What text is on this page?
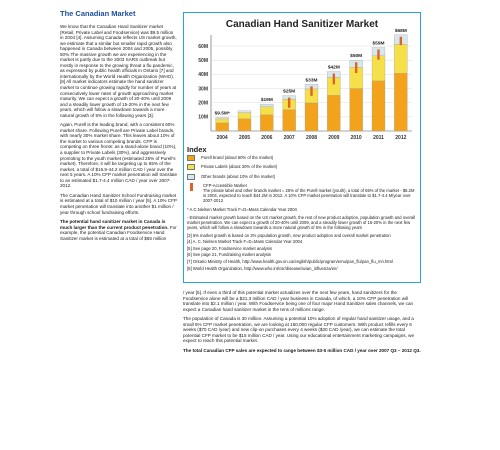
The Canadian Market

We know that the Canadian Hand Sanitizer market (Retail, Private Label and Foodservice) was $9.5 million in 2004 [4]. Assuming Canada reflects US market growth, we estimate that a similar but smaller rapid growth also happened in Canada between 2004 and 2005, possibly 50%.The massive growth we are experiencing in the market is partly due to the 2003 SARS outbreak but mostly in response to the growing threat a flu pandemic, as expressed by public health officials in Ontario [7] and internationally by the World Health Organization (WHO). [8] All market indicators estimate the hand sanitizer market to continue growing rapidly for number of years at consecutively lower rates of growth approaching market maturity. We can expect a growth of 20-40% until 2009 and a steadily lower growth of 15-20% in the next few years, which will follow a slowdown towards a more natural growth of 5% in the following years [3].

Again, Purell is the leading brand, with a consistent 60% market share. Following Purell are Private Label brands, with nearly 30% market share. This leaves about 10% of the market to various competing brands. CFP is competing on three fronts: as a stand-alone brand (10%), a supplier to Private Labels (30%), and aggressively promoting to the youth market (estimated 25% of Purell's market). Therefore, it will be targeting up to 65% of the market, a total of $16.9-44.2 million CAD / year over the next 5 years. A 10% CFP market penetration will translate to an estimated $1.7-4.4 million CAD / year over 2007-2012.

The Canadian Hand Sanitizer School Fundraising market is estimated at a total of $10 million / year [5]. A 10% CFP market penetration will translate into another $1 million / year through school fundraising efforts.

The potential hand sanitizer market in Canada is much larger than the current product penetration. For example, the potential Canadian Foodservice Hand Sanitizer market is estimated at a total of $65 million

Canadian Hand Sanitizer Market
10M
20M
30M
40M
50M
60M
$9.5M*
2004 2005
$19M
2006
$25M
2007
$33M
2008
$42M
2009
$50M
2010
$59M
2011
$68M
2012
Index
Purell brand (about 60% of the market)
Private Labels (about 30% of the market)
Other brands (about 10% of the market)
CFP-Accessible Market
The private label and other brands market = 25% of the Purell market (youth), a total of 65% of the market - $6.2M in 2004, expected to reach $44.2M in 2012. A 10% CFP market penetration will translate to $1.7-4.4 M/year over 2007-2012
* A.C.Nielsen Market Track F=D=Mass Calendar Year 2004
- Estimated market growth based on the US market growth, the rest of new product adoption, population growth and overall market penetration. We can expect a growth of 20-40% until 2009, and a steadily lower growth of 15-20% in the next few years, which will follow a slowdown towards a more natural growth of 5% in the following years

[3] 5% market growth is based on 3% population growth, new product adoption and overall market penetration

[4] A. C. Nielsen Market Track F=D=Mass Calendar Year 2004

[5] See page 20, Foodservice market analysis

[6] See page 21, Fundraising market analysis

[7] Ontario Ministry of Health, http://www.health.gov.on.ca/english/public/program/emu/pan_flu/pan_flu_mn.html

[8] World Health Organization, http://www.who.int/csr/disease/avian_influenza/en/

/ year [5]. If even a third of this potential market actualizes over the next few years, hand sanitizers for the Foodservice alone will be a $21.3 million CAD / year business in Canada, of which, a 10% CFP penetration will translate into $2.1 million / year. With Foodservice being one of four major Hand Sanitizer sales channels, we can expect a Canadian hand sanitizer market in the tens of millions range.

The population of Canada is 30 million. Assuming a potential 10% adoption of regular hand sanitizer usage, and a small 5% CFP market penetration, we are looking at 150,000 regular CFP customers. With product refills every 6 weeks ($70 CAD /year) and new clip-on purchases every 4 weeks ($30 CAD /year), we can estimate the total potential CFP market to be $15 million CAD / year. Using our educational entertainment marketing campaigns, we expect to reach this potential market.

The total Canadian CFP sales are expected to range between $3-5 million CAD / year over 2007 Q3 – 2012 Q3.
